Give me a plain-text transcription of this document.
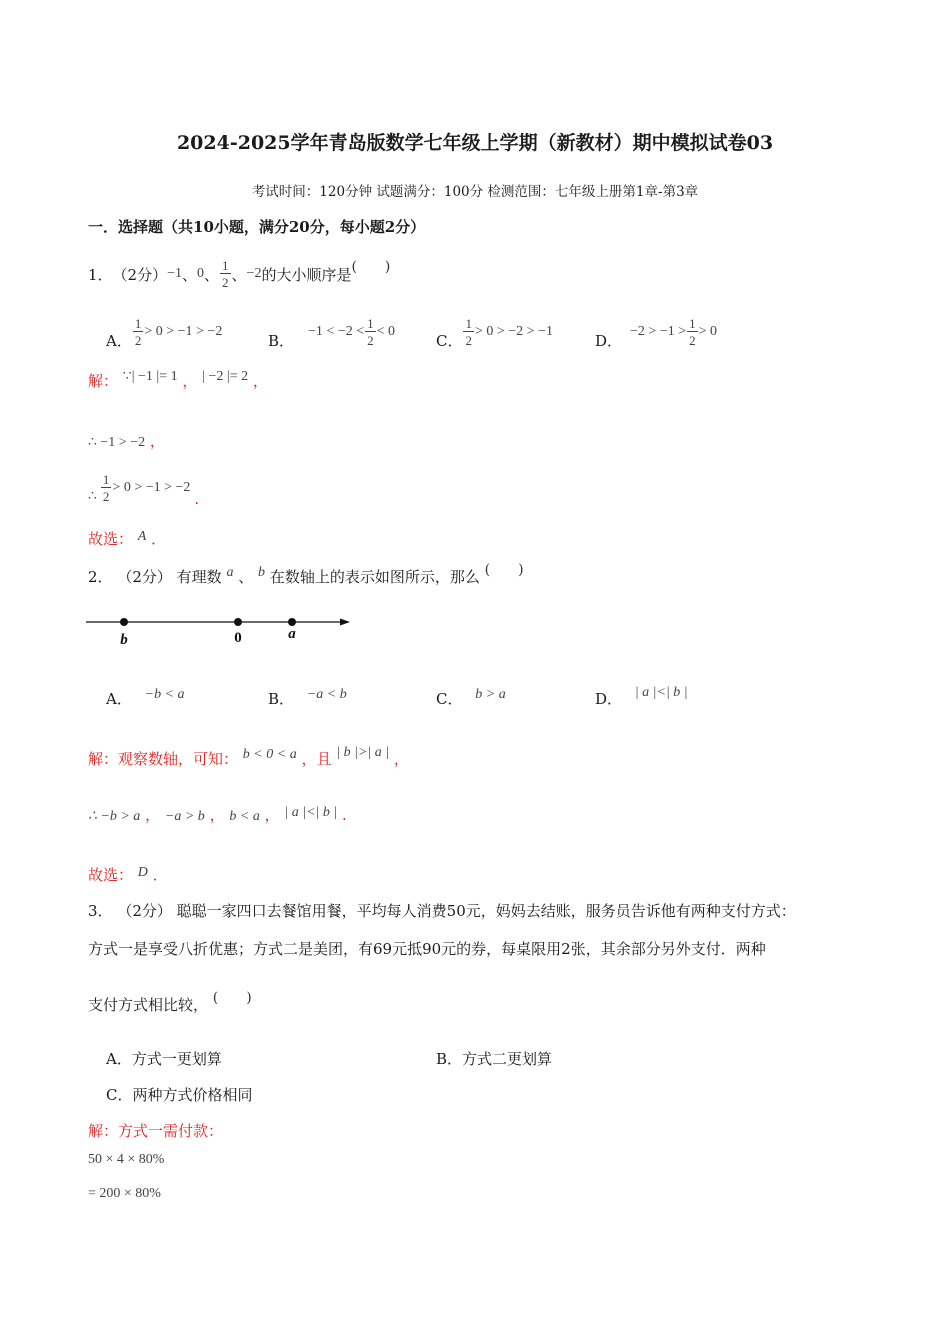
2024-2025学年青岛版数学七年级上学期（新教材）期中模拟试卷03
考试时间：120分钟 试题满分：100分 检测范围：七年级上册第1章-第3章
一．选择题（共10小题，满分20分，每小题2分）
1． （2分） −1 、 0 、 $\frac{1}{2}$ 、 −2 的大小顺序是 (　　)
A． $\frac{1}{2} > 0 > -1 > -2$	B． $-1 < -2 < \frac{1}{2} < 0$	C． $\frac{1}{2} > 0 > -2 > -1$	D． $-2 > -1 > \frac{1}{2} > 0$
解： ∵| −1 |= 1 ， | −2 |= 2 ，
∴ −1 > −2 ，
∴ $\frac{1}{2} > 0 > -1 > -2$
.
故选： A ．
2． （2分） 有理数 a 、 b 在数轴上的表示如图所示，那么 (　　)
b	0	a
A． −b < a	B． −a < b	C． b > a	D． | a |<| b |
解：观察数轴，可知： b < 0 < a ，且 | b |>| a | ，
∴ −b > a ， −a > b ， b < a ， | a |<| b | .
故选： D ．
3． （2分） 聪聪一家四口去餐馆用餐，平均每人消费50元，妈妈去结账，服务员告诉他有两种支付方式：
方式一是享受八折优惠；方式二是美团，有69元抵90元的券，每桌限用2张，其余部分另外支付．两种
支付方式相比较， (　　)
A．方式一更划算	B．方式二更划算
C．两种方式价格相同
解：方式一需付款：
50 × 4 × 80%
= 200 × 80%
